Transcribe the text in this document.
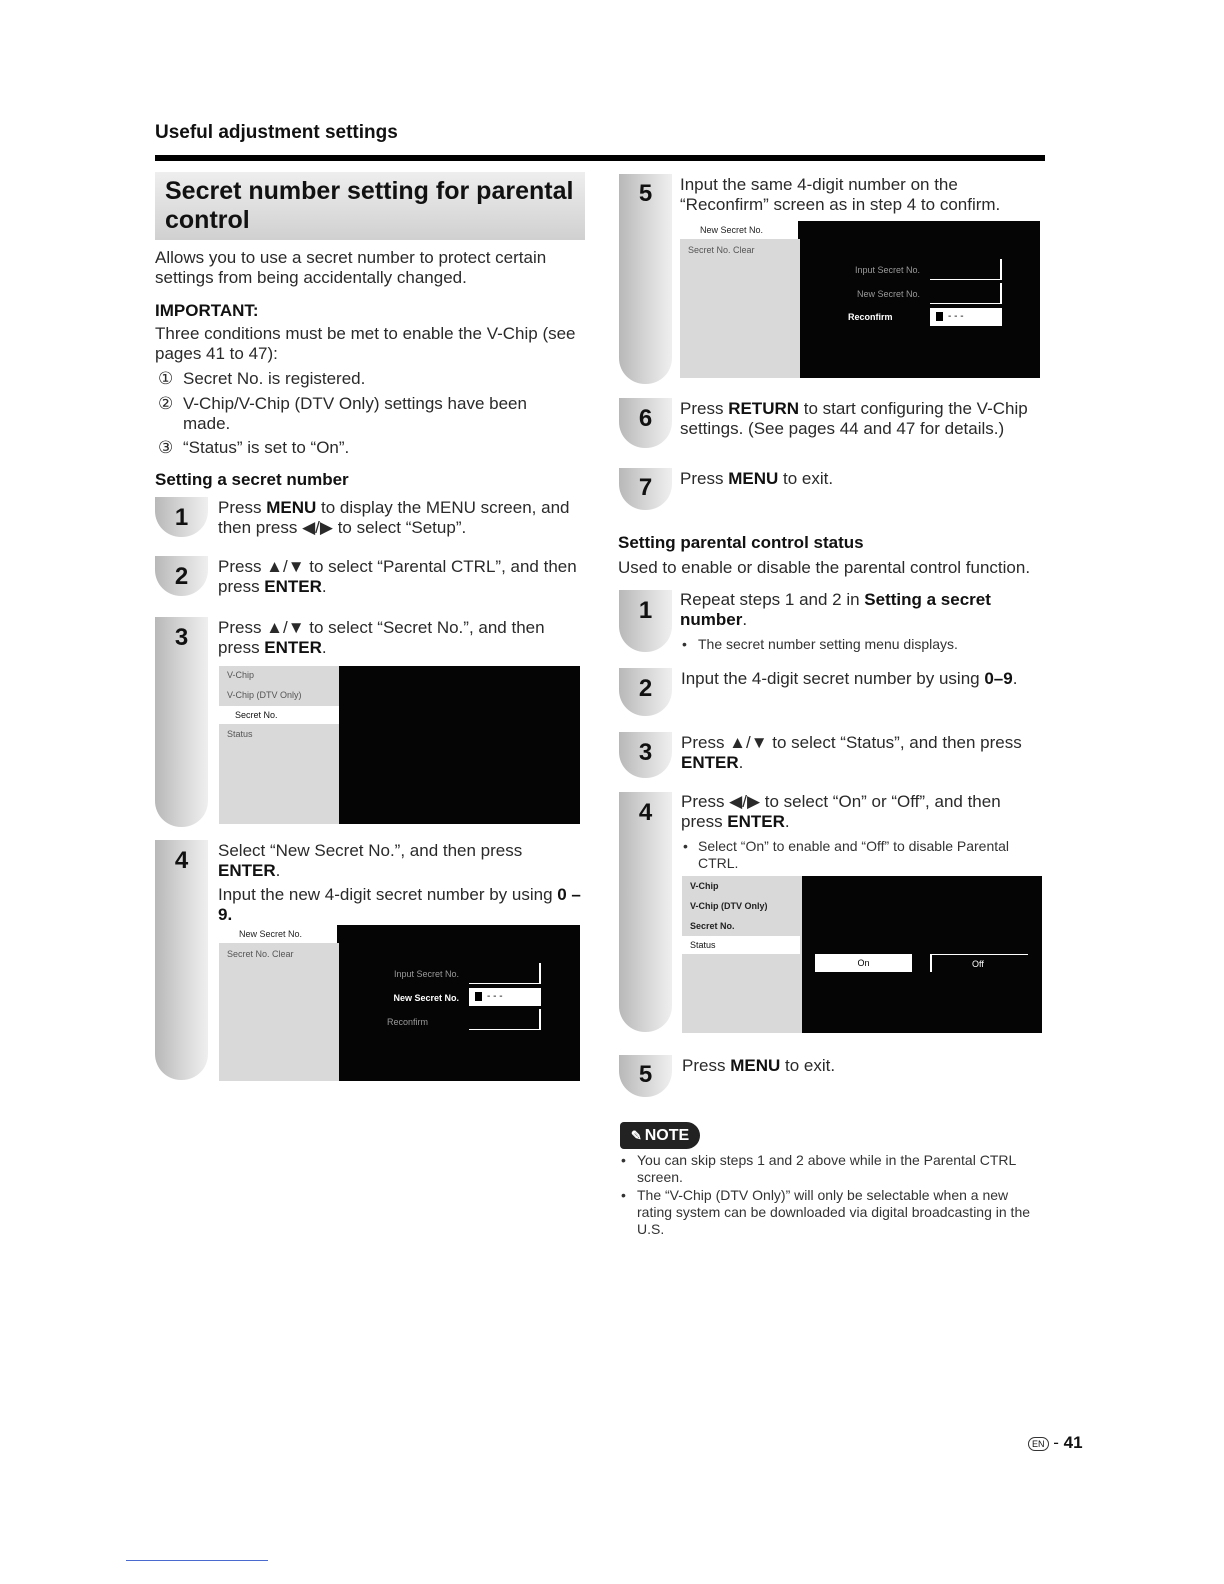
Useful adjustment settings
Secret number setting for parental control
Allows you to use a secret number to protect certain settings from being accidentally changed.
IMPORTANT:
Three conditions must be met to enable the V-Chip (see pages 41 to 47):
① Secret No. is registered.
② V-Chip/V-Chip (DTV Only) settings have been made.
③ “Status” is set to “On”.
Setting a secret number
1	Press MENU to display the MENU screen, and then press ◀/▶ to select “Setup”.
2	Press ▲/▼ to select “Parental CTRL”, and then press ENTER.
3	Press ▲/▼ to select “Secret No.”, and then press ENTER.
V-Chip
V-Chip (DTV Only)
Secret No.
Status
4	Select “New Secret No.”, and then press ENTER.
Input the new 4-digit secret number by using 0 –9.
New Secret No.
Secret No. Clear
Input Secret No.
New Secret No.	- - -
Reconfirm
5	Input the same 4-digit number on the “Reconfirm” screen as in step 4 to confirm.
New Secret No.
Secret No. Clear
Input Secret No.
New Secret No.
Reconfirm	- - -
6	Press RETURN to start configuring the V-Chip settings. (See pages 44 and 47 for details.)
7	Press MENU to exit.
Setting parental control status
Used to enable or disable the parental control function.
1	Repeat steps 1 and 2 in Setting a secret number.
• The secret number setting menu displays.
2	Input the 4-digit secret number by using 0–9.
3	Press ▲/▼ to select “Status”, and then press ENTER.
4	Press ◀/▶ to select “On” or “Off”, and then press ENTER.
• Select “On” to enable and “Off” to disable Parental CTRL.
V-Chip
V-Chip (DTV Only)
Secret No.
Status
On	Off
5	Press MENU to exit.
✎ NOTE
• You can skip steps 1 and 2 above while in the Parental CTRL screen.
• The “V-Chip (DTV Only)” will only be selectable when a new rating system can be downloaded via digital broadcasting in the U.S.
EN - 41
